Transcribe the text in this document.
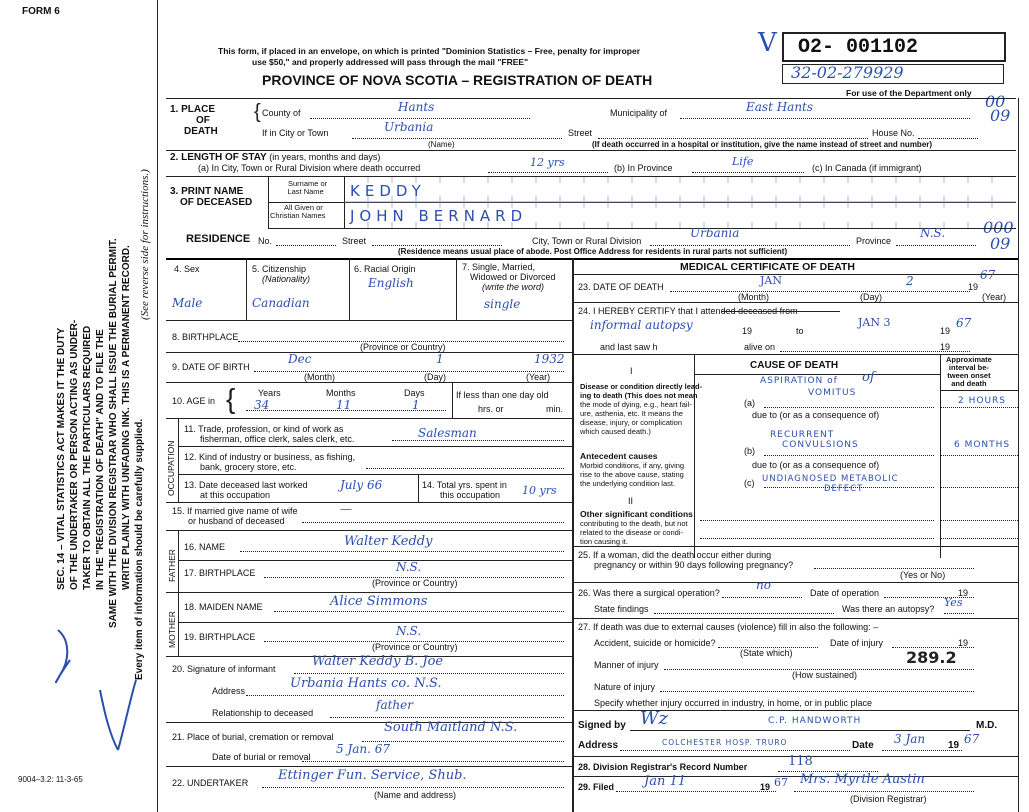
FORM 6
SEC. 14 – VITAL STATISTICS ACT MAKES IT THE DUTY OF THE UNDERTAKER OR PERSON ACTING AS UNDER- TAKER TO OBTAIN ALL THE PARTICULARS REQUIRED IN THE "REGISTRATION OF DEATH" AND TO FILE THE SAME WITH THE DIVISION REGISTRAR WHO SHALL ISSUE THE BURIAL PERMIT. WRITE PLAINLY WITH UNFADING INK. THIS IS A PERMANENT RECORD. Every item of information should be carefully supplied.
(See reverse side for instructions.)
9004–3.2: 11-3-65
This form, if placed in an envelope, on which is printed "Dominion Statistics – Free, penalty for improper
use $50," and properly addressed will pass through the mail "FREE"
PROVINCE OF NOVA SCOTIA – REGISTRATION OF DEATH
O2- 001102
V
32-02-279929
For use of the Department only 00
09
000
09
1. PLACE
OF
DEATH
{ County of	Hants	Municipality of	East Hants
If in City or Town	Urbania	Street	House No.
(Name)	(If death occurred in a hospital or institution, give the name instead of street and number)
2. LENGTH OF STAY (in years, months and days)
(a) In City, Town or Rural Division where death occurred	12 yrs	(b) In Province	Life	(c) In Canada (if immigrant)
3. PRINT NAME
OF DECEASED
Surname or
Last Name
All Given or
Christian Names
KEDDY
JOHN BERNARD
RESIDENCE No.	Street	City, Town or Rural Division
Urbania
Province
N.S.
(Residence means usual place of abode. Post Office Address for residents in rural parts not sufficient)
4. Sex
Male
5. Citizenship
(Nationality)
Canadian
6. Racial Origin
English
7. Single, Married,
Widowed or Divorced
(write the word)
single
8. BIRTHPLACE
(Province or Country)
9. DATE OF BIRTH
Dec	1	1932
(Month)	(Day)	(Year)
10. AGE in {	Years
34
Months
11
Days
1
If less than one day old
hrs. or	min.
OCCUPATION
11. Trade, profession, or kind of work as
fisherman, office clerk, sales clerk, etc.	Salesman
12. Kind of industry or business, as fishing,
bank, grocery store, etc.
13. Date deceased last worked
at this occupation
July 66	14. Total yrs. spent in
this occupation	10 yrs
15. If married give name of wife
or husband of deceased
—
FATHER
16. NAME	Walter Keddy
17. BIRTHPLACE	N.S.
(Province or Country)
MOTHER
18. MAIDEN NAME	Alice Simmons
19. BIRTHPLACE	N.S.
(Province or Country)
20. Signature of informant	Walter Keddy B. Joe
Address	Urbania Hants co. N.S.
Relationship to deceased
father
21. Place of burial, cremation or removal
South Maitland N.S.
Date of burial or removal
5 Jan. 67
22. UNDERTAKER Ettinger Fun. Service, Shub.
(Name and address)
MEDICAL CERTIFICATE OF DEATH
23. DATE OF DEATH	JAN	2	19
67
(Month)	(Day)	(Year)
24. I HEREBY CERTIFY that I attended deceased from
informal autopsy	19	to
JAN 3
19
67
and last saw h	alive on	19
CAUSE OF DEATH
Approximate
interval be-
tween onset
and death
I
Disease or condition directly lead-
ing to death (This does not mean
the mode of dying, e.g., heart fail-
ure, asthenia, etc. It means the
disease, injury, or complication
which caused death.)
ASPIRATION of of
(a)
VOMITUS
2 HOURS
due to (or as a consequence of)
Antecedent causes
Morbid conditions, if any, giving
rise to the above cause, stating
the underlying condition last.
RECURRENT
CONVULSIONS
(b)
6 MONTHS
due to (or as a consequence of)
(c) UNDIAGNOSED METABOLIC
DEFECT
II
Other significant conditions
contributing to the death, but not
related to the disease or condi-
tion causing it.
25. If a woman, did the death occur either during
pregnancy or within 90 days following pregnancy?
(Yes or No)
26. Was there a surgical operation?
no
Date of operation	19
State findings	Was there an autopsy? Yes
27. If death was due to external causes (violence) fill in also the following: –
Accident, suicide or homicide?
(State which)
Date of injury	19
Manner of injury	289.2
(How sustained)
Nature of injury
Specify whether injury occurred in industry, in home, or in public place
Signed by Wz	C.P. HANDWORTH	M.D.
Address	COLCHESTER HOSP. TRURO	Date 3 Jan 19 67
28. Division Registrar's Record Number	118
29. Filed Jan 11	19 67 Mrs. Myrtle Austin
(Division Registrar)
